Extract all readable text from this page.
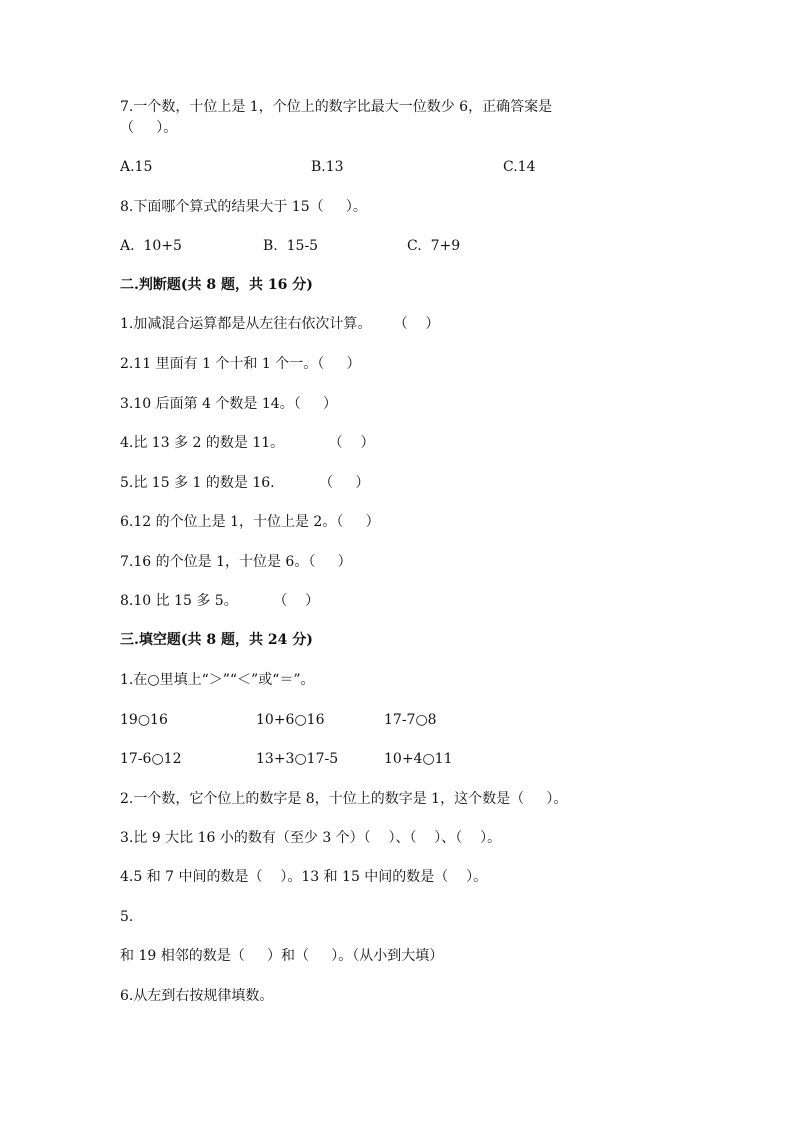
7.一个数，十位上是 1，个位上的数字比最大一位数少 6，正确答案是
（     ）。
A.15	B.13	C.14
8.下面哪个算式的结果大于 15（     ）。
A.  10+5	B.  15-5	C.  7+9
二.判断题(共 8 题，共 16 分)
1.加减混合运算都是从左往右依次计算。     （    ）
2.11 里面有 1 个十和 1 个一。（     ）
3.10 后面第 4 个数是 14。（     ）
4.比 13 多 2 的数是 11。          （    ）
5.比 15 多 1 的数是 16.          （     ）
6.12 的个位上是 1，十位上是 2。（     ）
7.16 的个位是 1，十位是 6。（     ）
8.10 比 15 多 5。        （    ）
三.填空题(共 8 题，共 24 分)
1.在○里填上“＞”“＜”或“＝”。
19○16	10+6○16	17-7○8
17-6○12	13+3○17-5	10+4○11
2.一个数，它个位上的数字是 8，十位上的数字是 1，这个数是（     ）。
3.比 9 大比 16 小的数有（至少 3 个）（    ）、（    ）、（    ）。
4.5 和 7 中间的数是（    ）。13 和 15 中间的数是（    ）。
5.
和 19 相邻的数是（     ）和（     ）。（从小到大填）
6.从左到右按规律填数。
